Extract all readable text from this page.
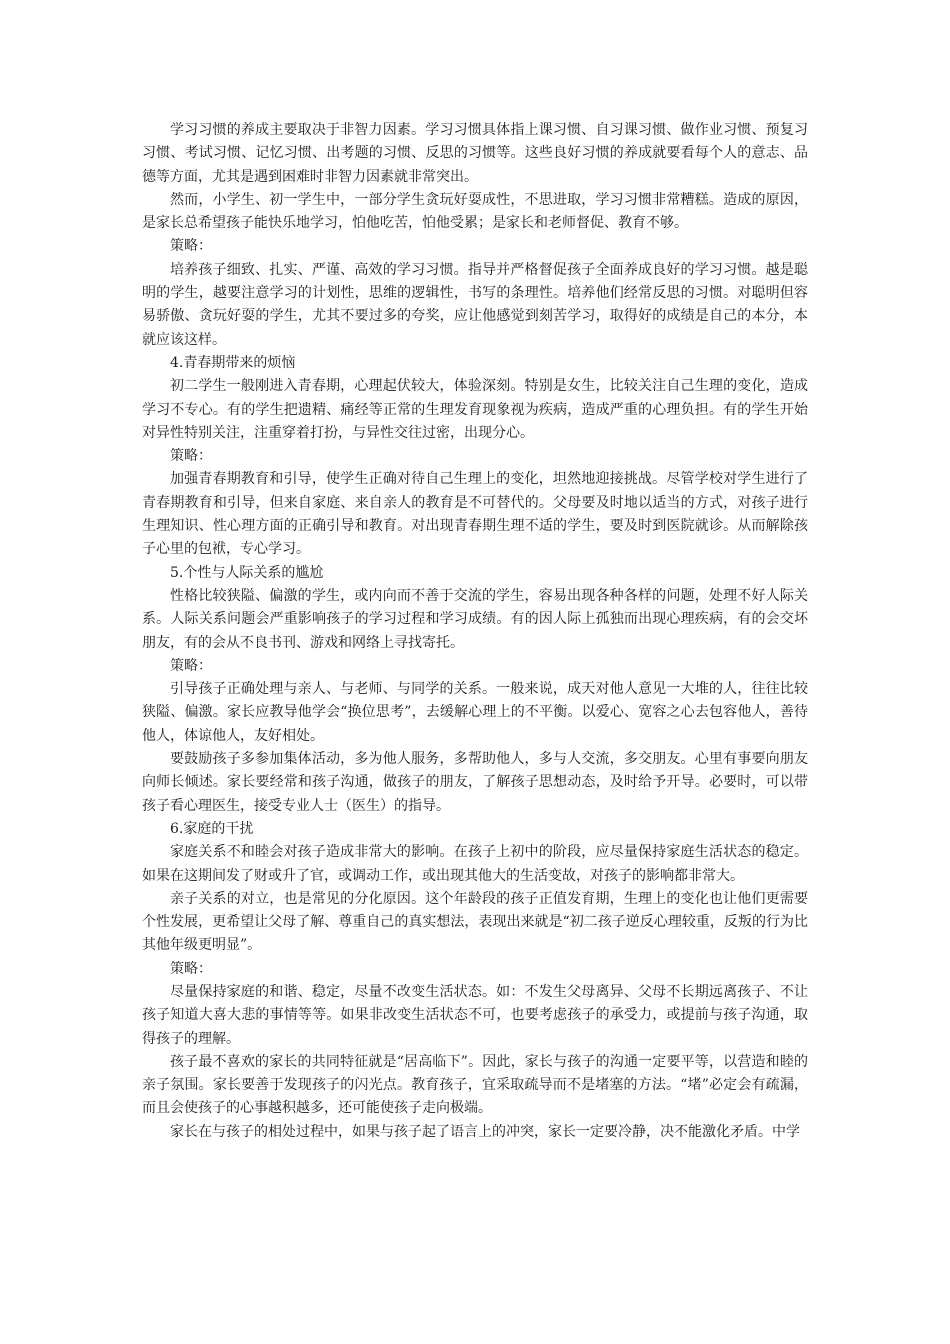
学习习惯的养成主要取决于非智力因素。学习习惯具体指上课习惯、自习课习惯、做作业习惯、预复习习惯、考试习惯、记忆习惯、出考题的习惯、反思的习惯等。这些良好习惯的养成就要看每个人的意志、品德等方面，尤其是遇到困难时非智力因素就非常突出。

然而，小学生、初一学生中，一部分学生贪玩好耍成性，不思进取，学习习惯非常糟糕。造成的原因，是家长总希望孩子能快乐地学习，怕他吃苦，怕他受累；是家长和老师督促、教育不够。

策略：

培养孩子细致、扎实、严谨、高效的学习习惯。指导并严格督促孩子全面养成良好的学习习惯。越是聪明的学生，越要注意学习的计划性，思维的逻辑性，书写的条理性。培养他们经常反思的习惯。对聪明但容易骄傲、贪玩好耍的学生，尤其不要过多的夸奖，应让他感觉到刻苦学习，取得好的成绩是自己的本分，本就应该这样。

4.青春期带来的烦恼

初二学生一般刚进入青春期，心理起伏较大，体验深刻。特别是女生，比较关注自己生理的变化，造成学习不专心。有的学生把遗精、痛经等正常的生理发育现象视为疾病，造成严重的心理负担。有的学生开始对异性特别关注，注重穿着打扮，与异性交往过密，出现分心。

策略：

加强青春期教育和引导，使学生正确对待自己生理上的变化，坦然地迎接挑战。尽管学校对学生进行了青春期教育和引导，但来自家庭、来自亲人的教育是不可替代的。父母要及时地以适当的方式，对孩子进行生理知识、性心理方面的正确引导和教育。对出现青春期生理不适的学生，要及时到医院就诊。从而解除孩子心里的包袱，专心学习。

5.个性与人际关系的尴尬

性格比较狭隘、偏激的学生，或内向而不善于交流的学生，容易出现各种各样的问题，处理不好人际关系。人际关系问题会严重影响孩子的学习过程和学习成绩。有的因人际上孤独而出现心理疾病，有的会交坏朋友，有的会从不良书刊、游戏和网络上寻找寄托。

策略：

引导孩子正确处理与亲人、与老师、与同学的关系。一般来说，成天对他人意见一大堆的人，往往比较狭隘、偏激。家长应教导他学会“换位思考”，去缓解心理上的不平衡。以爱心、宽容之心去包容他人，善待他人，体谅他人，友好相处。

要鼓励孩子多参加集体活动，多为他人服务，多帮助他人，多与人交流，多交朋友。心里有事要向朋友向师长倾述。家长要经常和孩子沟通，做孩子的朋友，了解孩子思想动态，及时给予开导。必要时，可以带孩子看心理医生，接受专业人士（医生）的指导。

6.家庭的干扰

家庭关系不和睦会对孩子造成非常大的影响。在孩子上初中的阶段，应尽量保持家庭生活状态的稳定。如果在这期间发了财或升了官，或调动工作，或出现其他大的生活变故，对孩子的影响都非常大。

亲子关系的对立，也是常见的分化原因。这个年龄段的孩子正值发育期，生理上的变化也让他们更需要个性发展，更希望让父母了解、尊重自己的真实想法，表现出来就是“初二孩子逆反心理较重，反叛的行为比其他年级更明显”。

策略：

尽量保持家庭的和谐、稳定，尽量不改变生活状态。如：不发生父母离异、父母不长期远离孩子、不让孩子知道大喜大悲的事情等等。如果非改变生活状态不可，也要考虑孩子的承受力，或提前与孩子沟通，取得孩子的理解。

孩子最不喜欢的家长的共同特征就是“居高临下”。因此，家长与孩子的沟通一定要平等，以营造和睦的亲子氛围。家长要善于发现孩子的闪光点。教育孩子，宜采取疏导而不是堵塞的方法。“堵”必定会有疏漏，而且会使孩子的心事越积越多，还可能使孩子走向极端。

家长在与孩子的相处过程中，如果与孩子起了语言上的冲突，家长一定要冷静，决不能激化矛盾。中学
